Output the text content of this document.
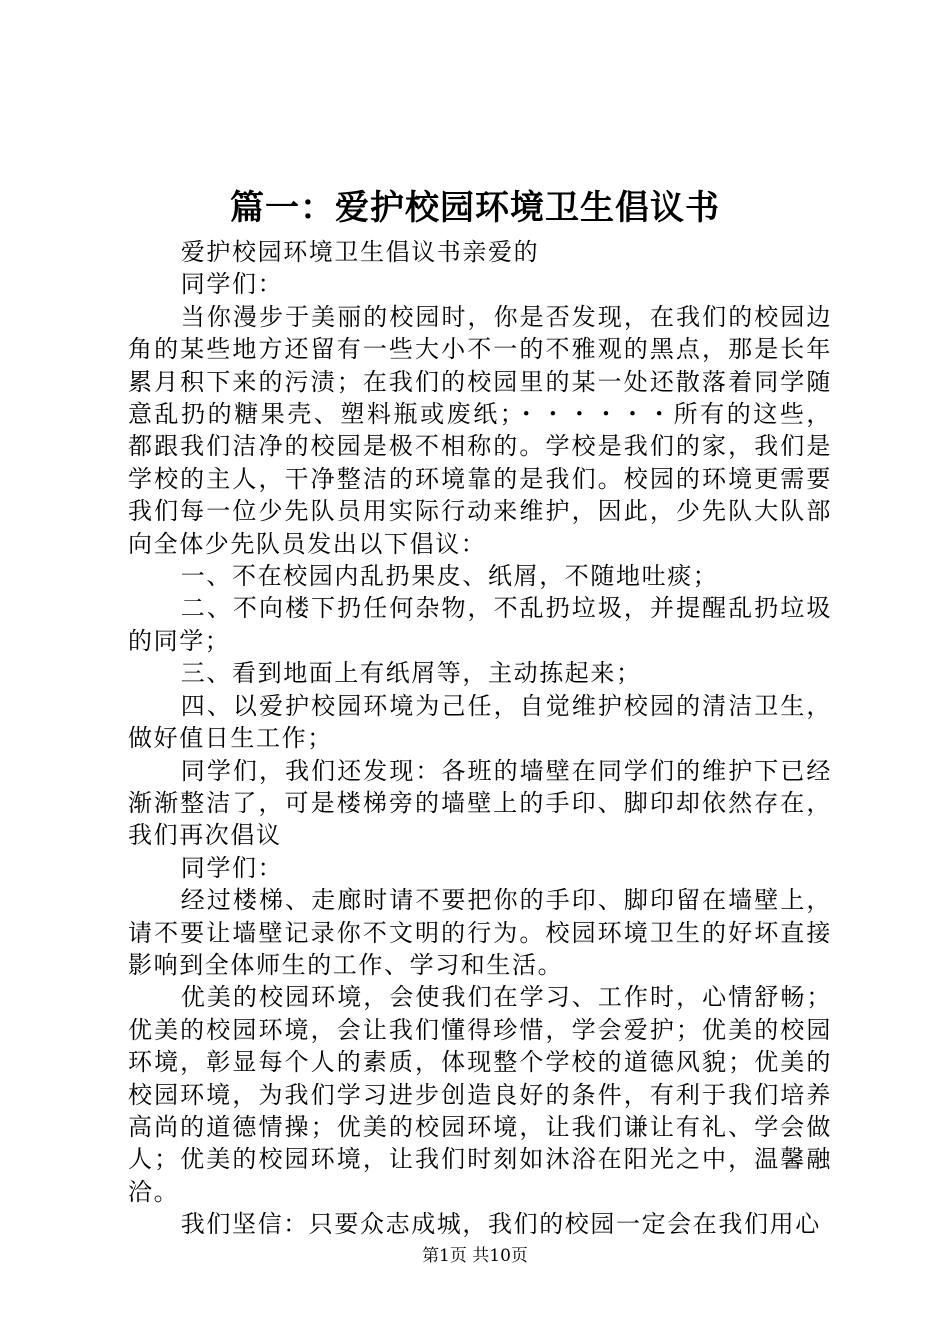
篇一：爱护校园环境卫生倡议书

爱护校园环境卫生倡议书亲爱的

同学们：

当你漫步于美丽的校园时，你是否发现，在我们的校园边角的某些地方还留有一些大小不一的不雅观的黑点，那是长年累月积下来的污渍；在我们的校园里的某一处还散落着同学随意乱扔的糖果壳、塑料瓶或废纸；・・・・・・所有的这些，都跟我们洁净的校园是极不相称的。学校是我们的家，我们是学校的主人，干净整洁的环境靠的是我们。校园的环境更需要我们每一位少先队员用实际行动来维护，因此，少先队大队部向全体少先队员发出以下倡议：

一、不在校园内乱扔果皮、纸屑，不随地吐痰；

二、不向楼下扔任何杂物，不乱扔垃圾，并提醒乱扔垃圾的同学；

三、看到地面上有纸屑等，主动拣起来；

四、以爱护校园环境为己任，自觉维护校园的清洁卫生，做好值日生工作；

同学们，我们还发现：各班的墙壁在同学们的维护下已经渐渐整洁了，可是楼梯旁的墙壁上的手印、脚印却依然存在，我们再次倡议

同学们：

经过楼梯、走廊时请不要把你的手印、脚印留在墙壁上，请不要让墙壁记录你不文明的行为。校园环境卫生的好坏直接影响到全体师生的工作、学习和生活。

优美的校园环境，会使我们在学习、工作时，心情舒畅；优美的校园环境，会让我们懂得珍惜，学会爱护；优美的校园环境，彰显每个人的素质，体现整个学校的道德风貌；优美的校园环境，为我们学习进步创造良好的条件，有利于我们培养高尚的道德情操；优美的校园环境，让我们谦让有礼、学会做人；优美的校园环境，让我们时刻如沐浴在阳光之中，温馨融洽。

我们坚信：只要众志成城，我们的校园一定会在我们用心

第1页 共10页
